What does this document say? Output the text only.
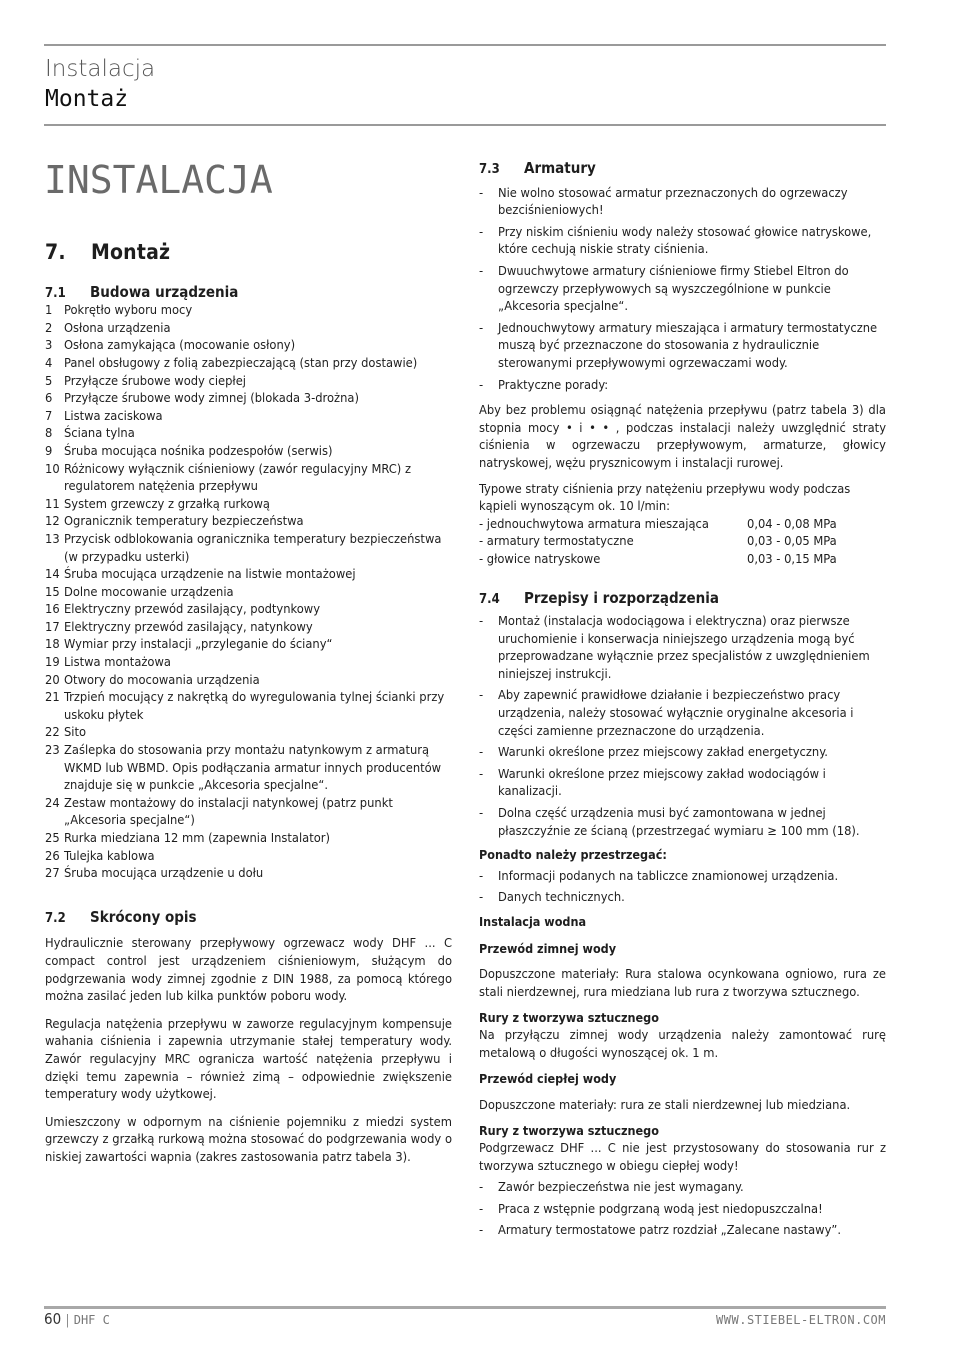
Instalacja
Montaż
INSTALACJA
7. Montaż
7.1 Budowa urządzenia
1 Pokrętło wyboru mocy
2 Osłona urządzenia
3 Osłona zamykająca (mocowanie osłony)
4 Panel obsługowy z folią zabezpieczającą (stan przy dostawie)
5 Przyłącze śrubowe wody ciepłej
6 Przyłącze śrubowe wody zimnej (blokada 3-drożna)
7 Listwa zaciskowa
8 Ściana tylna
9 Śruba mocująca nośnika podzespołów (serwis)
10 Różnicowy wyłącznik ciśnieniowy (zawór regulacyjny MRC) z regulatorem natężenia przepływu
11 System grzewczy z grzałką rurkową
12 Ogranicznik temperatury bezpieczeństwa
13 Przycisk odblokowania ogranicznika temperatury bezpieczeństwa (w przypadku usterki)
14 Śruba mocująca urządzenie na listwie montażowej
15 Dolne mocowanie urządzenia
16 Elektryczny przewód zasilający, podtynkowy
17 Elektryczny przewód zasilający, natynkowy
18 Wymiar przy instalacji „przyleganie do ściany“
19 Listwa montażowa
20 Otwory do mocowania urządzenia
21 Trzpień mocujący z nakrętką do wyregulowania tylnej ścianki przy uskoku płytek
22 Sito
23 Zaślepka do stosowania przy montażu natynkowym z armaturą WKMD lub WBMD. Opis podłączania armatur innych producentów znajduje się w punkcie „Akcesoria specjalne“.
24 Zestaw montażowy do instalacji natynkowej (patrz punkt „Akcesoria specjalne“)
25 Rurka miedziana 12 mm (zapewnia Instalator)
26 Tulejka kablowa
27 Śruba mocująca urządzenie u dołu
7.2 Skrócony opis

Hydraulicznie sterowany przepływowy ogrzewacz wody DHF ... C compact control jest urządzeniem ciśnieniowym, służącym do podgrzewania wody zimnej zgodnie z DIN 1988, za pomocą którego można zasilać jeden lub kilka punktów poboru wody.

Regulacja natężenia przepływu w zaworze regulacyjnym kompensuje wahania ciśnienia i zapewnia utrzymanie stałej temperatury wody. Zawór regulacyjny MRC ogranicza wartość natężenia przepływu i dzięki temu zapewnia – również zimą – odpowiednie zwiększenie temperatury wody użytkowej.

Umieszczony w odpornym na ciśnienie pojemniku z miedzi system grzewczy z grzałką rurkową można stosować do podgrzewania wody o niskiej zawartości wapnia (zakres zastosowania patrz tabela 3).

7.3 Armatury
- Nie wolno stosować armatur przeznaczonych do ogrzewaczy bezciśnieniowych!
- Przy niskim ciśnieniu wody należy stosować głowice natryskowe, które cechują niskie straty ciśnienia.
- Dwuuchwytowe armatury ciśnieniowe firmy Stiebel Eltron do ogrzewczy przepływowych są wyszczególnione w punkcie „Akcesoria specjalne“.
- Jednouchwytowy armatury mieszająca i armatury termostatyczne muszą być przeznaczone do stosowania z hydraulicznie sterowanymi przepływowymi ogrzewaczami wody.
- Praktyczne porady:

Aby bez problemu osiągnąć natężenia przepływu (patrz tabela 3) dla stopnia mocy • i • • , podczas instalacji należy uwzględnić straty ciśnienia w ogrzewaczu przepływowym, armaturze, głowicy natryskowej, wężu prysznicowym i instalacji rurowej.

Typowe straty ciśnienia przy natężeniu przepływu wody podczas kąpieli wynoszącym ok. 10 l/min:

- jednouchwytowa armatura mieszająca	0,04 - 0,08 MPa
- armatury termostatyczne	0,03 - 0,05 MPa
- głowice natryskowe	0,03 - 0,15 MPa
7.4 Przepisy i rozporządzenia
- Montaż (instalacja wodociągowa i elektryczna) oraz pierwsze uruchomienie i konserwacja niniejszego urządzenia mogą być przeprowadzane wyłącznie przez specjalistów z uwzględnieniem niniejszej instrukcji.
- Aby zapewnić prawidłowe działanie i bezpieczeństwo pracy urządzenia, należy stosować wyłącznie oryginalne akcesoria i części zamienne przeznaczone do urządzenia.
- Warunki określone przez miejscowy zakład energetyczny.
- Warunki określone przez miejscowy zakład wodociągów i kanalizacji.
- Dolna część urządzenia musi być zamontowana w jednej płaszczyźnie ze ścianą (przestrzegać wymiaru ≥ 100 mm (18).
Ponadto należy przestrzegać:
- Informacji podanych na tabliczce znamionowej urządzenia.
- Danych technicznych.
Instalacja wodna
Przewód zimnej wody

Dopuszczone materiały: Rura stalowa ocynkowana ogniowo, rura ze stali nierdzewnej, rura miedziana lub rura z tworzywa sztucznego.

Rury z tworzywa sztucznego

Na przyłączu zimnej wody urządzenia należy zamontować rurę metalową o długości wynoszącej ok. 1 m.

Przewód ciepłej wody

Dopuszczone materiały: rura ze stali nierdzewnej lub miedziana.

Rury z tworzywa sztucznego

Podgrzewacz DHF ... C nie jest przystosowany do stosowania rur z tworzywa sztucznego w obiegu ciepłej wody!

- Zawór bezpieczeństwa nie jest wymagany.
- Praca z wstępnie podgrzaną wodą jest niedopuszczalna!
- Armatury termostatowe patrz rozdział „Zalecane nastawy”.
60 | DHF C	WWW.STIEBEL-ELTRON.COM
